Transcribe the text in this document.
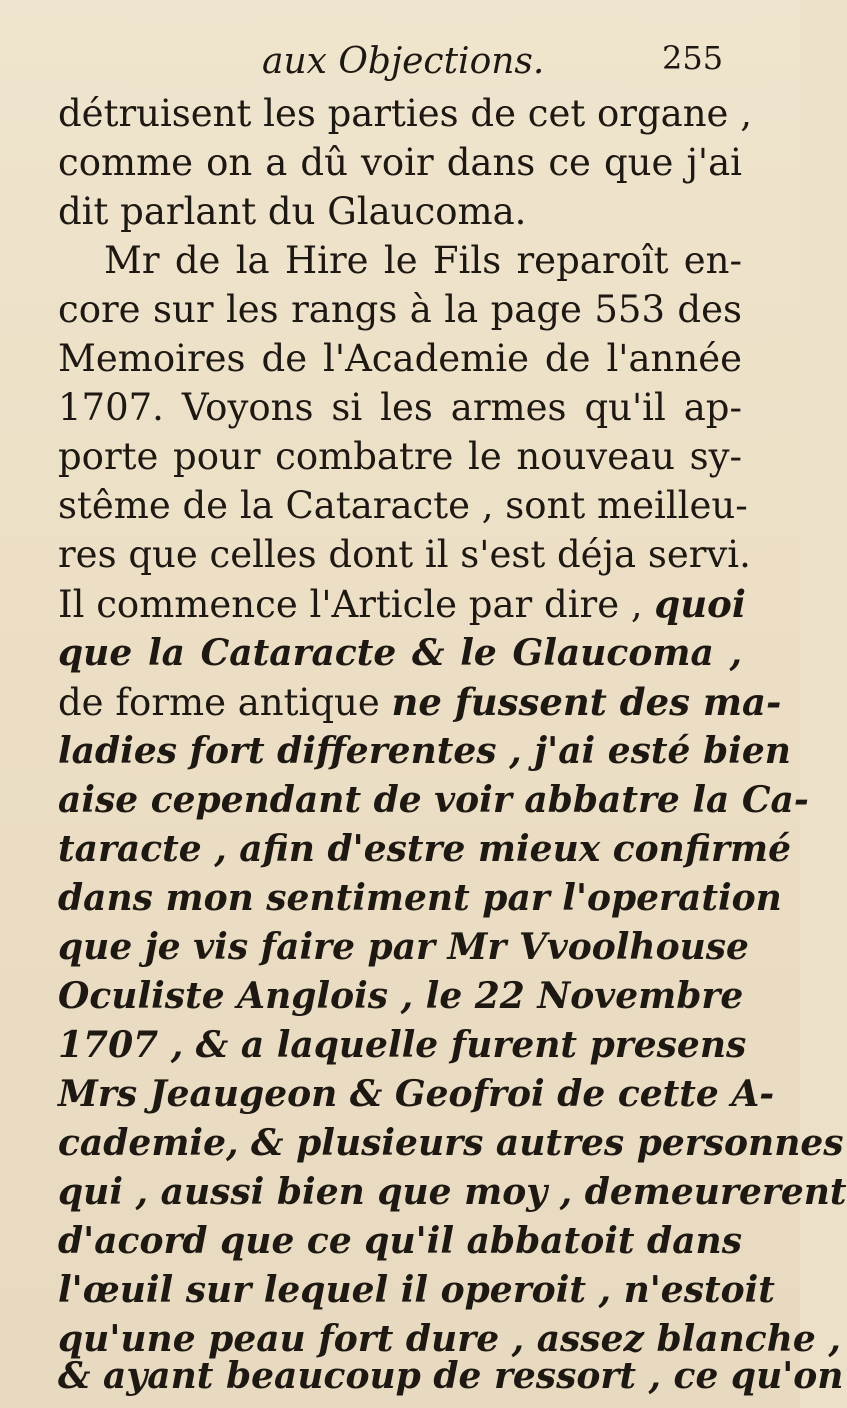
aux Objections.	255
détruisent les parties de cet organe ,
comme on a dû voir dans ce que j'ai
dit parlant du Glaucoma.
Mr de la Hire le Fils reparoît en-
core sur les rangs à la page 553 des
Memoires de l'Academie de l'année
1707. Voyons si les armes qu'il ap-
porte pour combatre le nouveau sy-
stême de la Cataracte , sont meilleu-
res que celles dont il s'est déja servi.
Il commence l'Article par dire , quoi
que la Cataracte & le Glaucoma ,
de forme antique ne fussent des ma-
ladies fort differentes , j'ai esté bien
aise cependant de voir abbatre la Ca-
taracte , afin d'estre mieux confirmé
dans mon sentiment par l'operation
que je vis faire par Mr Vvoolhouse
Oculiste Anglois , le 22 Novembre
1707 , & a laquelle furent presens
Mrs Jeaugeon & Geofroi de cette A-
cademie, & plusieurs autres personnes
qui , aussi bien que moy , demeurerent
d'acord que ce qu'il abbatoit dans
l'œuil sur lequel il operoit , n'estoit
qu'une peau fort dure , assez blanche ,
& ayant beaucoup de ressort , ce qu'on
